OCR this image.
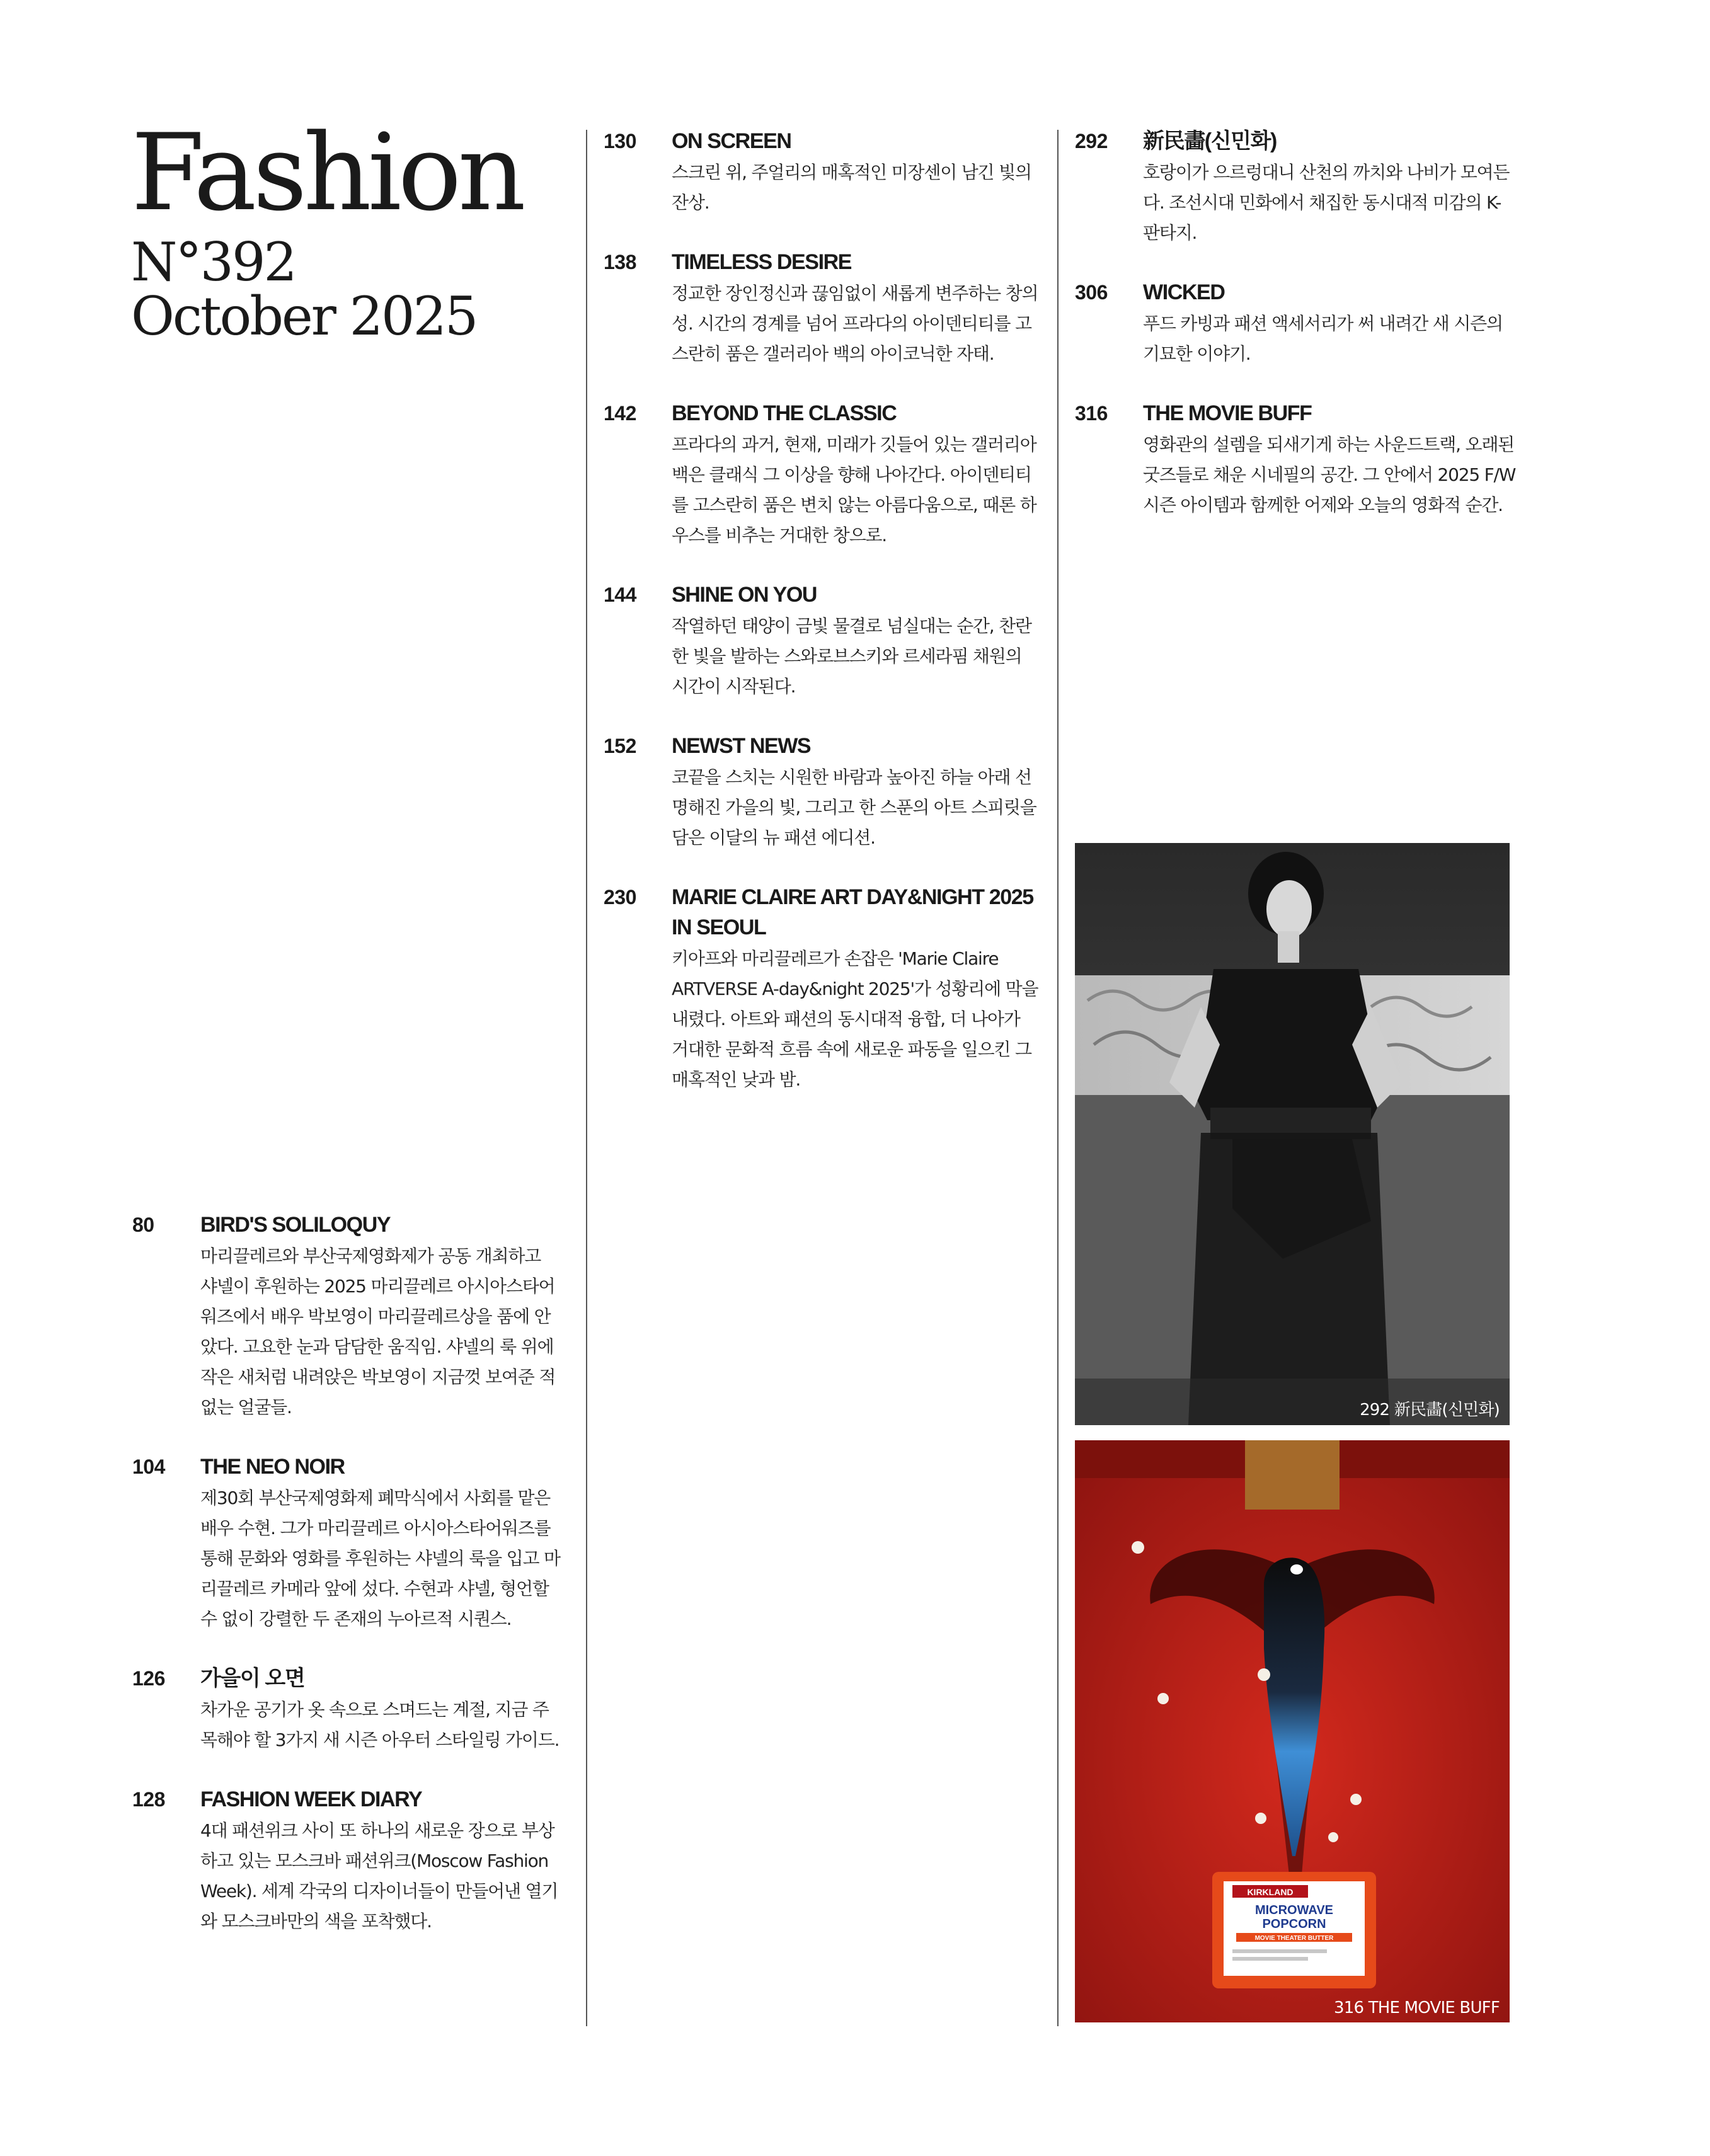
Fashion
N°392
October 2025
80	BIRD'S SOLILOQUY
마리끌레르와 부산국제영화제가 공동 개최하고 샤넬이 후원하는 2025 마리끌레르 아시아스타어워즈에서 배우 박보영이 마리끌레르상을 품에 안았다. 고요한 눈과 담담한 움직임. 샤넬의 룩 위에 작은 새처럼 내려앉은 박보영이 지금껏 보여준 적 없는 얼굴들.
104	THE NEO NOIR
제30회 부산국제영화제 폐막식에서 사회를 맡은 배우 수현. 그가 마리끌레르 아시아스타어워즈를 통해 문화와 영화를 후원하는 샤넬의 룩을 입고 마리끌레르 카메라 앞에 섰다. 수현과 샤넬, 형언할 수 없이 강렬한 두 존재의 누아르적 시퀀스.
126	가을이 오면
차가운 공기가 옷 속으로 스며드는 계절, 지금 주목해야 할 3가지 새 시즌 아우터 스타일링 가이드.
128	FASHION WEEK DIARY
4대 패션위크 사이 또 하나의 새로운 장으로 부상하고 있는 모스크바 패션위크(Moscow Fashion Week). 세계 각국의 디자이너들이 만들어낸 열기와 모스크바만의 색을 포착했다.
130	ON SCREEN
스크린 위, 주얼리의 매혹적인 미장센이 남긴 빛의 잔상.
138	TIMELESS DESIRE
정교한 장인정신과 끊임없이 새롭게 변주하는 창의성. 시간의 경계를 넘어 프라다의 아이덴티티를 고스란히 품은 갤러리아 백의 아이코닉한 자태.
142	BEYOND THE CLASSIC
프라다의 과거, 현재, 미래가 깃들어 있는 갤러리아 백은 클래식 그 이상을 향해 나아간다. 아이덴티티를 고스란히 품은 변치 않는 아름다움으로, 때론 하우스를 비추는 거대한 창으로.
144	SHINE ON YOU
작열하던 태양이 금빛 물결로 넘실대는 순간, 찬란한 빛을 발하는 스와로브스키와 르세라핌 채원의 시간이 시작된다.
152	NEWST NEWS
코끝을 스치는 시원한 바람과 높아진 하늘 아래 선명해진 가을의 빛, 그리고 한 스푼의 아트 스피릿을 담은 이달의 뉴 패션 에디션.
230	MARIE CLAIRE ART DAY&NIGHT 2025 IN SEOUL
키아프와 마리끌레르가 손잡은 'Marie Claire ARTVERSE A-day&night 2025'가 성황리에 막을 내렸다. 아트와 패션의 동시대적 융합, 더 나아가 거대한 문화적 흐름 속에 새로운 파동을 일으킨 그 매혹적인 낮과 밤.
292	新民畵(신민화)
호랑이가 으르렁대니 산천의 까치와 나비가 모여든다. 조선시대 민화에서 채집한 동시대적 미감의 K-판타지.
306	WICKED
푸드 카빙과 패션 액세서리가 써 내려간 새 시즌의 기묘한 이야기.
316	THE MOVIE BUFF
영화관의 설렘을 되새기게 하는 사운드트랙, 오래된 굿즈들로 채운 시네필의 공간. 그 안에서 2025 F/W 시즌 아이템과 함께한 어제와 오늘의 영화적 순간.
292 新民畵(신민화)
KIRKLAND
MICROWAVE
POPCORN
MOVIE THEATER BUTTER
316 THE MOVIE BUFF
